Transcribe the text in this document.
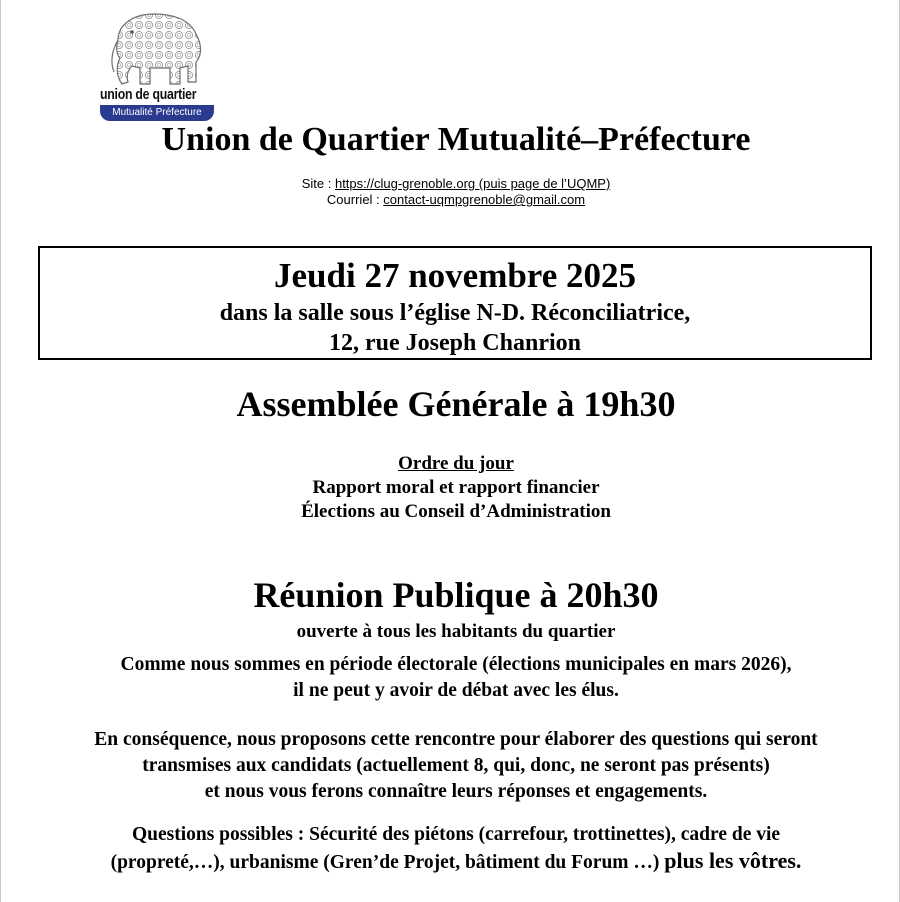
union de quartier
Mutualité Préfecture
Union de Quartier Mutualité–Préfecture
Site : https://clug-grenoble.org (puis page de l’UQMP)
Courriel : contact-uqmpgrenoble@gmail.com
Jeudi 27 novembre 2025
dans la salle sous l’église N-D. Réconciliatrice,
12, rue Joseph Chanrion
Assemblée Générale à 19h30
Ordre du jour
Rapport moral et rapport financier
Élections au Conseil d’Administration
Réunion Publique à 20h30
ouverte à tous les habitants du quartier
Comme nous sommes en période électorale (élections municipales en mars 2026),
il ne peut y avoir de débat avec les élus.
En conséquence, nous proposons cette rencontre pour élaborer des questions qui seront
transmises aux candidats (actuellement 8, qui, donc, ne seront pas présents)
et nous vous ferons connaître leurs réponses et engagements.
Questions possibles : Sécurité des piétons (carrefour, trottinettes), cadre de vie
(propreté,…), urbanisme (Gren’de Projet, bâtiment du Forum …) plus les vôtres.
